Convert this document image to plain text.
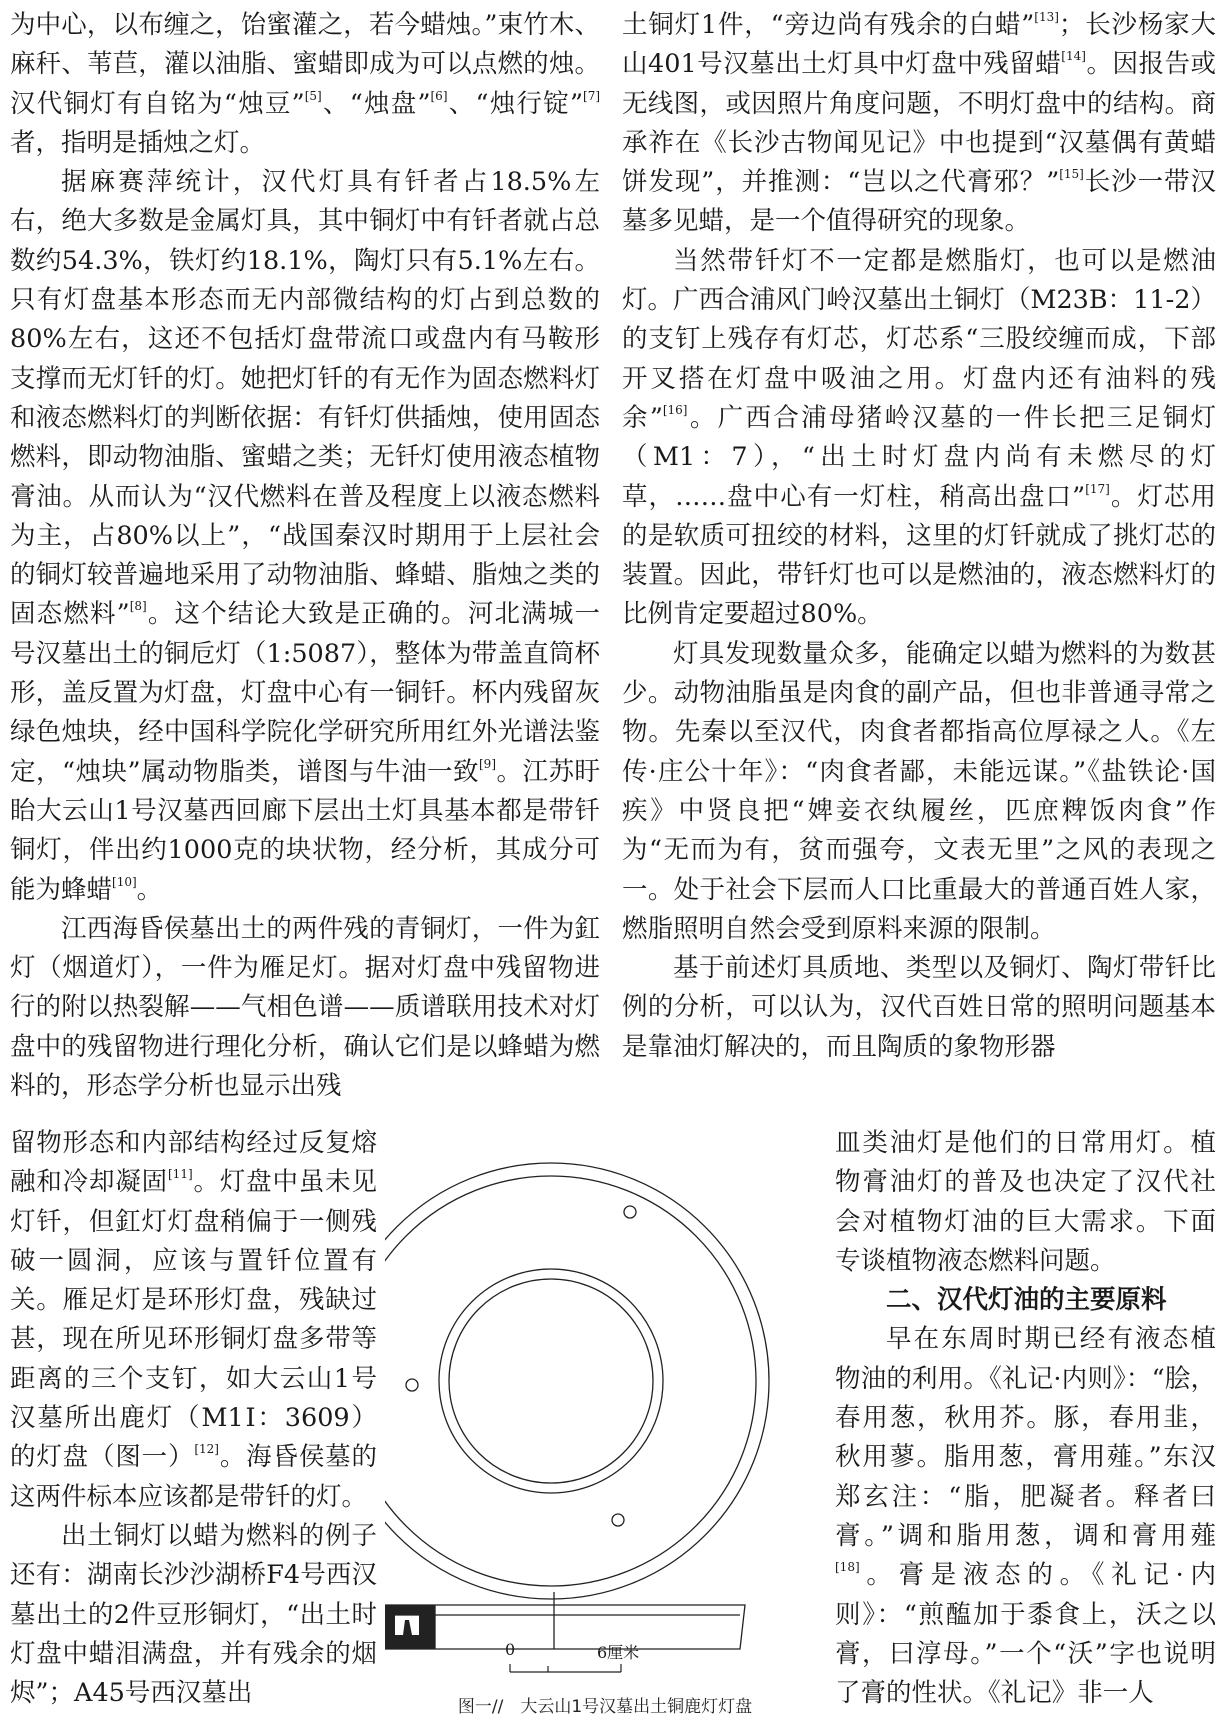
为中心，以布缠之，饴蜜灌之，若今蜡烛。”束竹木、麻秆、苇苣，灌以油脂、蜜蜡即成为可以点燃的烛。汉代铜灯有自铭为“烛豆”[5]、“烛盘”[6]、“烛行锭”[7]者，指明是插烛之灯。

据麻赛萍统计，汉代灯具有钎者占18.5%左右，绝大多数是金属灯具，其中铜灯中有钎者就占总数约54.3%，铁灯约18.1%，陶灯只有5.1%左右。只有灯盘基本形态而无内部微结构的灯占到总数的80%左右，这还不包括灯盘带流口或盘内有马鞍形支撑而无灯钎的灯。她把灯钎的有无作为固态燃料灯和液态燃料灯的判断依据：有钎灯供插烛，使用固态燃料，即动物油脂、蜜蜡之类；无钎灯使用液态植物膏油。从而认为“汉代燃料在普及程度上以液态燃料为主，占80%以上”，“战国秦汉时期用于上层社会的铜灯较普遍地采用了动物油脂、蜂蜡、脂烛之类的固态燃料”[8]。这个结论大致是正确的。河北满城一号汉墓出土的铜卮灯（1:5087），整体为带盖直筒杯形，盖反置为灯盘，灯盘中心有一铜钎。杯内残留灰绿色烛块，经中国科学院化学研究所用红外光谱法鉴定，“烛块”属动物脂类，谱图与牛油一致[9]。江苏盱眙大云山1号汉墓西回廊下层出土灯具基本都是带钎铜灯，伴出约1000克的块状物，经分析，其成分可能为蜂蜡[10]。

江西海昏侯墓出土的两件残的青铜灯，一件为釭灯（烟道灯），一件为雁足灯。据对灯盘中残留物进行的附以热裂解——气相色谱——质谱联用技术对灯盘中的残留物进行理化分析，确认它们是以蜂蜡为燃料的，形态学分析也显示出残

土铜灯1件，“旁边尚有残余的白蜡”[13]；长沙杨家大山401号汉墓出土灯具中灯盘中残留蜡[14]。因报告或无线图，或因照片角度问题，不明灯盘中的结构。商承祚在《长沙古物闻见记》中也提到“汉墓偶有黄蜡饼发现”，并推测：“岂以之代膏邪？”[15]长沙一带汉墓多见蜡，是一个值得研究的现象。

当然带钎灯不一定都是燃脂灯，也可以是燃油灯。广西合浦风门岭汉墓出土铜灯（M23B：11-2）的支钉上残存有灯芯，灯芯系“三股绞缠而成，下部开叉搭在灯盘中吸油之用。灯盘内还有油料的残余”[16]。广西合浦母猪岭汉墓的一件长把三足铜灯（M1：7），“出土时灯盘内尚有未燃尽的灯草，……盘中心有一灯柱，稍高出盘口”[17]。灯芯用的是软质可扭绞的材料，这里的灯钎就成了挑灯芯的装置。因此，带钎灯也可以是燃油的，液态燃料灯的比例肯定要超过80%。

灯具发现数量众多，能确定以蜡为燃料的为数甚少。动物油脂虽是肉食的副产品，但也非普通寻常之物。先秦以至汉代，肉食者都指高位厚禄之人。《左传·庄公十年》：“肉食者鄙，未能远谋。”《盐铁论·国疾》中贤良把“婢妾衣纨履丝，匹庶粺饭肉食”作为“无而为有，贫而强夸，文表无里”之风的表现之一。处于社会下层而人口比重最大的普通百姓人家，燃脂照明自然会受到原料来源的限制。

基于前述灯具质地、类型以及铜灯、陶灯带钎比例的分析，可以认为，汉代百姓日常的照明问题基本是靠油灯解决的，而且陶质的象物形器

留物形态和内部结构经过反复熔融和冷却凝固[11]。灯盘中虽未见灯钎，但釭灯灯盘稍偏于一侧残破一圆洞，应该与置钎位置有关。雁足灯是环形灯盘，残缺过甚，现在所见环形铜灯盘多带等距离的三个支钉，如大云山1号汉墓所出鹿灯（M1Ⅰ：3609）的灯盘（图一）[12]。海昏侯墓的这两件标本应该都是带钎的灯。

出土铜灯以蜡为燃料的例子还有：湖南长沙沙湖桥F4号西汉墓出土的2件豆形铜灯，“出土时灯盘中蜡泪满盘，并有残余的烟烬”；A45号西汉墓出

皿类油灯是他们的日常用灯。植物膏油灯的普及也决定了汉代社会对植物灯油的巨大需求。下面专谈植物液态燃料问题。

二、汉代灯油的主要原料

早在东周时期已经有液态植物油的利用。《礼记·内则》：“脍，春用葱，秋用芥。豚，春用韭，秋用蓼。脂用葱，膏用薤。”东汉郑玄注：“脂，肥凝者。释者曰膏。”调和脂用葱，调和膏用薤[18]。膏是液态的。《礼记·内则》：“煎醢加于黍食上，沃之以膏，曰淳母。”一个“沃”字也说明了膏的性状。《礼记》非一人

0	6厘米
图一//　大云山1号汉墓出土铜鹿灯灯盘
